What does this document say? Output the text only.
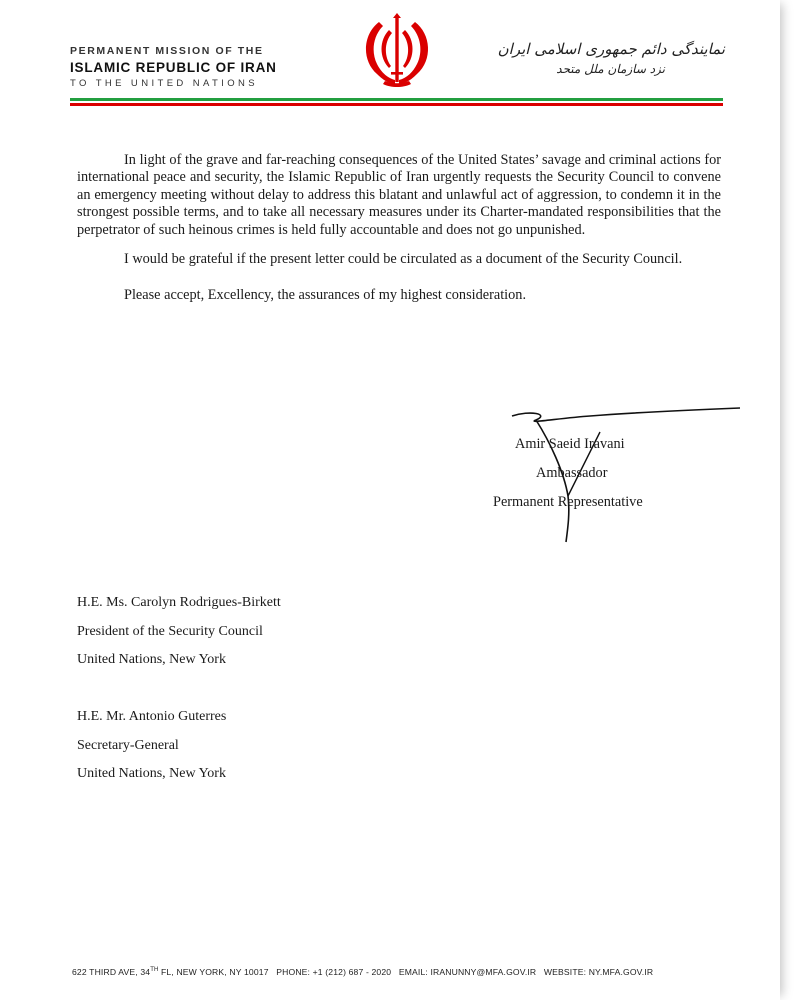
PERMANENT MISSION OF THE
ISLAMIC REPUBLIC OF IRAN
TO THE UNITED NATIONS
نمایندگی دائم جمهوری اسلامی ایران
نزد سازمان ملل متحد

In light of the grave and far-reaching consequences of the United States’ savage and criminal actions for international peace and security, the Islamic Republic of Iran urgently requests the Security Council to convene an emergency meeting without delay to address this blatant and unlawful act of aggression, to condemn it in the strongest possible terms, and to take all necessary measures under its Charter-mandated responsibilities that the perpetrator of such heinous crimes is held fully accountable and does not go unpunished.

I would be grateful if the present letter could be circulated as a document of the Security Council.

Please accept, Excellency, the assurances of my highest consideration.

Amir Saeid Iravani
Ambassador
Permanent Representative
H.E. Ms. Carolyn Rodrigues-Birkett
President of the Security Council
United Nations, New York
H.E. Mr. Antonio Guterres
Secretary-General
United Nations, New York
622 THIRD AVE, 34TH FL, NEW YORK, NY 10017 PHONE: +1 (212) 687 - 2020 EMAIL: IRANUNNY@MFA.GOV.IR WEBSITE: NY.MFA.GOV.IR
